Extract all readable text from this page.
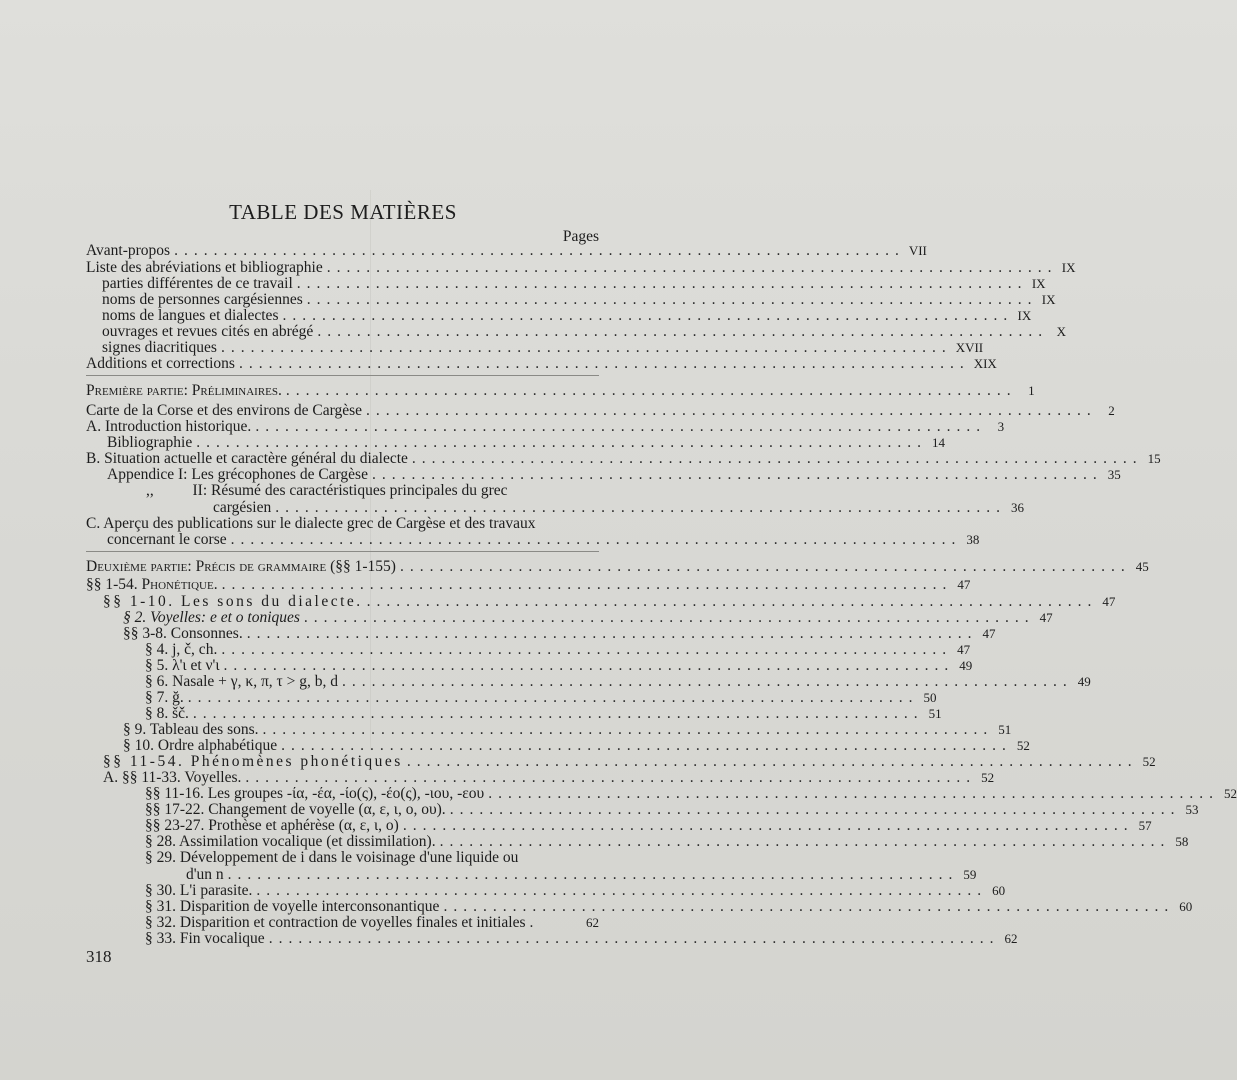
TABLE DES MATIÈRES
Pages
Avant-propos .......................................................................... VII
Liste des abréviations et bibliographie .......................................................................... IX
parties différentes de ce travail .......................................................................... IX
noms de personnes cargésiennes .......................................................................... IX
noms de langues et dialectes .......................................................................... IX
ouvrages et revues cités en abrégé .......................................................................... X
signes diacritiques .......................................................................... XVII
Additions et corrections .......................................................................... XIX
Première partie: Préliminaires. .......................................................................... 1
Carte de la Corse et des environs de Cargèse .......................................................................... 2
A. Introduction historique. .......................................................................... 3
Bibliographie .......................................................................... 14
B. Situation actuelle et caractère général du dialecte .......................................................................... 15
Appendice I: Les grécophones de Cargèse .......................................................................... 35
,,          II: Résumé des caractéristiques principales du grec
cargésien .......................................................................... 36
C. Aperçu des publications sur le dialecte grec de Cargèse et des travaux
concernant le corse .......................................................................... 38
Deuxième partie: Précis de grammaire (§§ 1-155) .......................................................................... 45
§§ 1-54. Phonétique. .......................................................................... 47
§§ 1-10. Les sons du dialecte. .......................................................................... 47
§ 2. Voyelles: e et o toniques .......................................................................... 47
§§ 3-8. Consonnes. .......................................................................... 47
§ 4. j, č, ch. .......................................................................... 47
§ 5. λ'ι et ν'ι .......................................................................... 49
§ 6. Nasale + γ, κ, π, τ > g, b, d .......................................................................... 49
§ 7. ğ. .......................................................................... 50
§ 8. šč. .......................................................................... 51
§ 9. Tableau des sons. .......................................................................... 51
§ 10. Ordre alphabétique .......................................................................... 52
§§ 11-54. Phénomènes phonétiques .......................................................................... 52
A. §§ 11-33. Voyelles. .......................................................................... 52
§§ 11-16. Les groupes -ία, -έα, -ίο(ς), -έο(ς), -ιου, -εου .......................................................................... 52
§§ 17-22. Changement de voyelle (α, ε, ι, ο, ου). .......................................................................... 53
§§ 23-27. Prothèse et aphérèse (α, ε, ι, ο) .......................................................................... 57
§ 28. Assimilation vocalique (et dissimilation). .......................................................................... 58
§ 29. Développement de i dans le voisinage d'une liquide ou
d'un n .......................................................................... 59
§ 30. L'i parasite. .......................................................................... 60
§ 31. Disparition de voyelle interconsonantique .......................................................................... 60
§ 32. Disparition et contraction de voyelles finales et initiales .	62
§ 33. Fin vocalique .......................................................................... 62
318
